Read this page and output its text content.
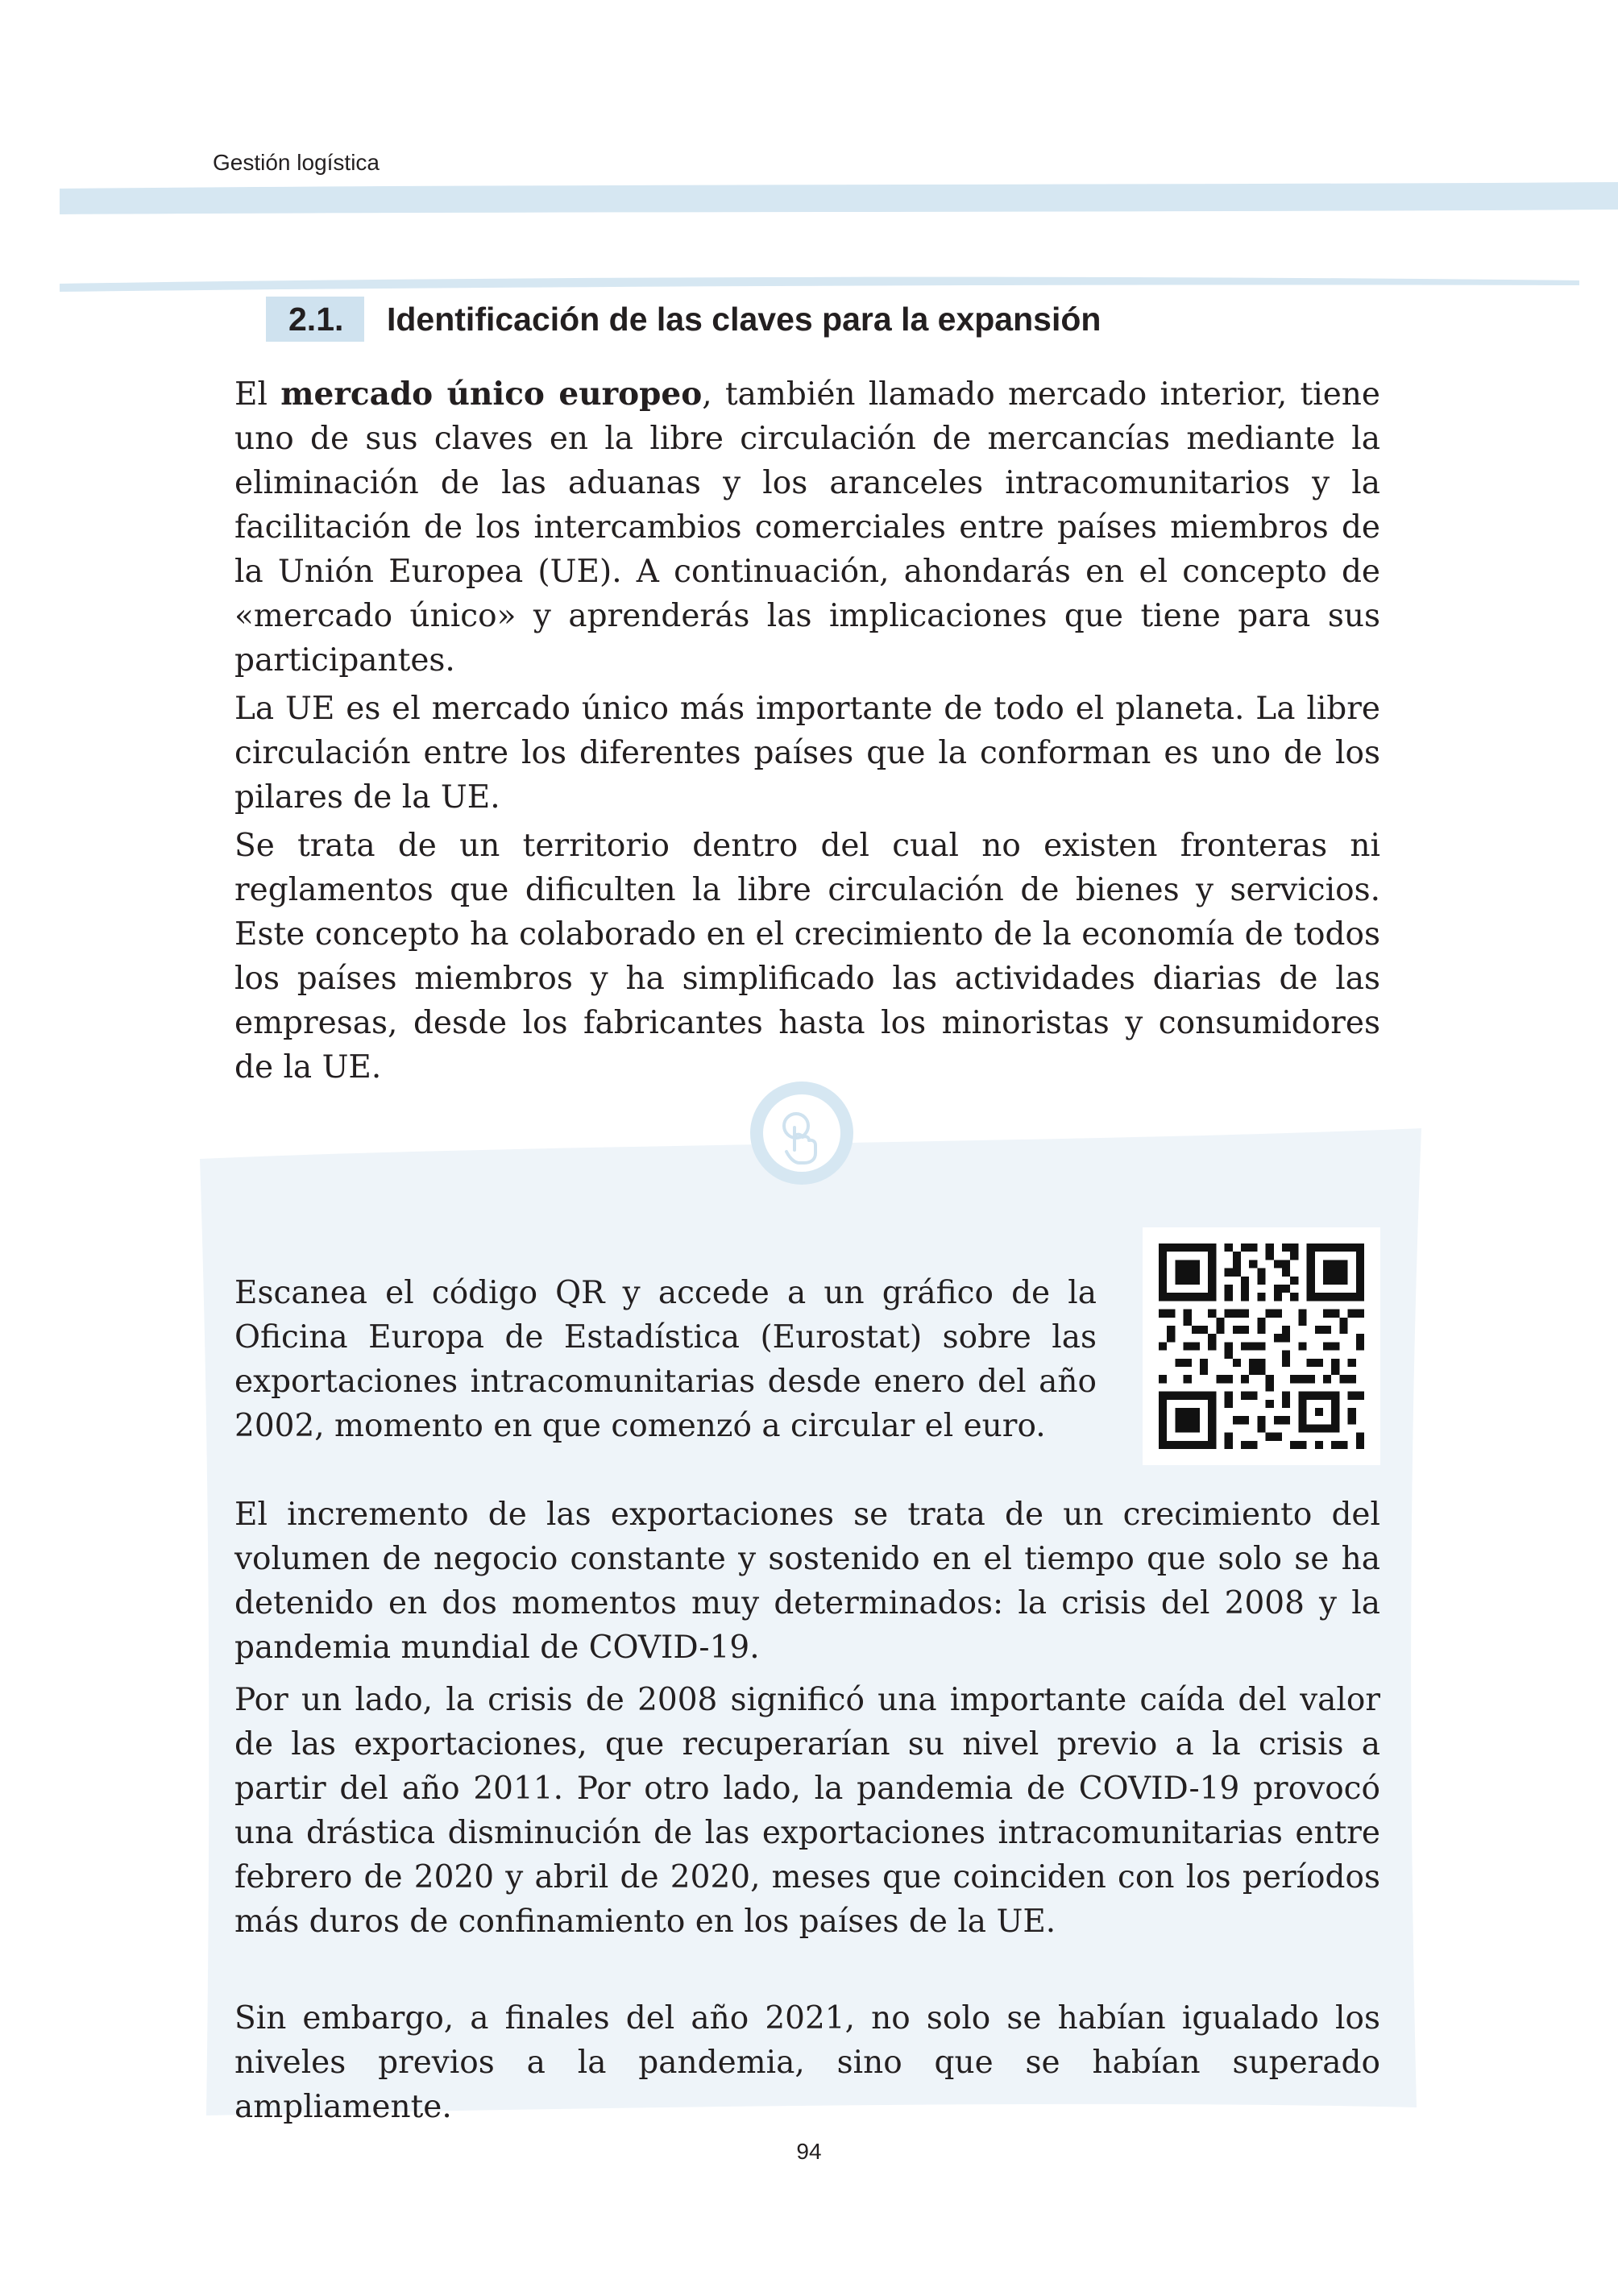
Gestión logística
2.1.	Identificación de las claves para la expansión

El mercado único europeo, también llamado mercado interior, tiene uno de sus claves en la libre circulación de mercancías mediante la eliminación de las aduanas y los aranceles intracomunitarios y la facilitación de los intercambios comerciales entre países miembros de la Unión Europea (UE). A continuación, ahondarás en el concepto de «mercado único» y aprenderás las implicaciones que tiene para sus participantes.

La UE es el mercado único más importante de todo el planeta. La libre circulación entre los diferentes países que la conforman es uno de los pilares de la UE.

Se trata de un territorio dentro del cual no existen fronteras ni reglamentos que dificulten la libre circulación de bienes y servicios. Este concepto ha colaborado en el crecimiento de la economía de todos los países miembros y ha simplificado las actividades diarias de las empresas, desde los fabricantes hasta los minoristas y consumidores de la UE.

Escanea el código QR y accede a un gráfico de la Oficina Europa de Estadística (Eurostat) sobre las exportaciones intracomunitarias desde enero del año 2002, momento en que comenzó a circular el euro.

El incremento de las exportaciones se trata de un crecimiento del volumen de negocio constante y sostenido en el tiempo que solo se ha detenido en dos momentos muy determinados: la crisis del 2008 y la pandemia mundial de COVID-19.

Por un lado, la crisis de 2008 significó una importante caída del valor de las exportaciones, que recuperarían su nivel previo a la crisis a partir del año 2011. Por otro lado, la pandemia de COVID-19 provocó una drástica disminución de las exportaciones intracomunitarias entre febrero de 2020 y abril de 2020, meses que coinciden con los períodos más duros de confinamiento en los países de la UE.

Sin embargo, a finales del año 2021, no solo se habían igualado los niveles previos a la pandemia, sino que se habían superado ampliamente.

94
